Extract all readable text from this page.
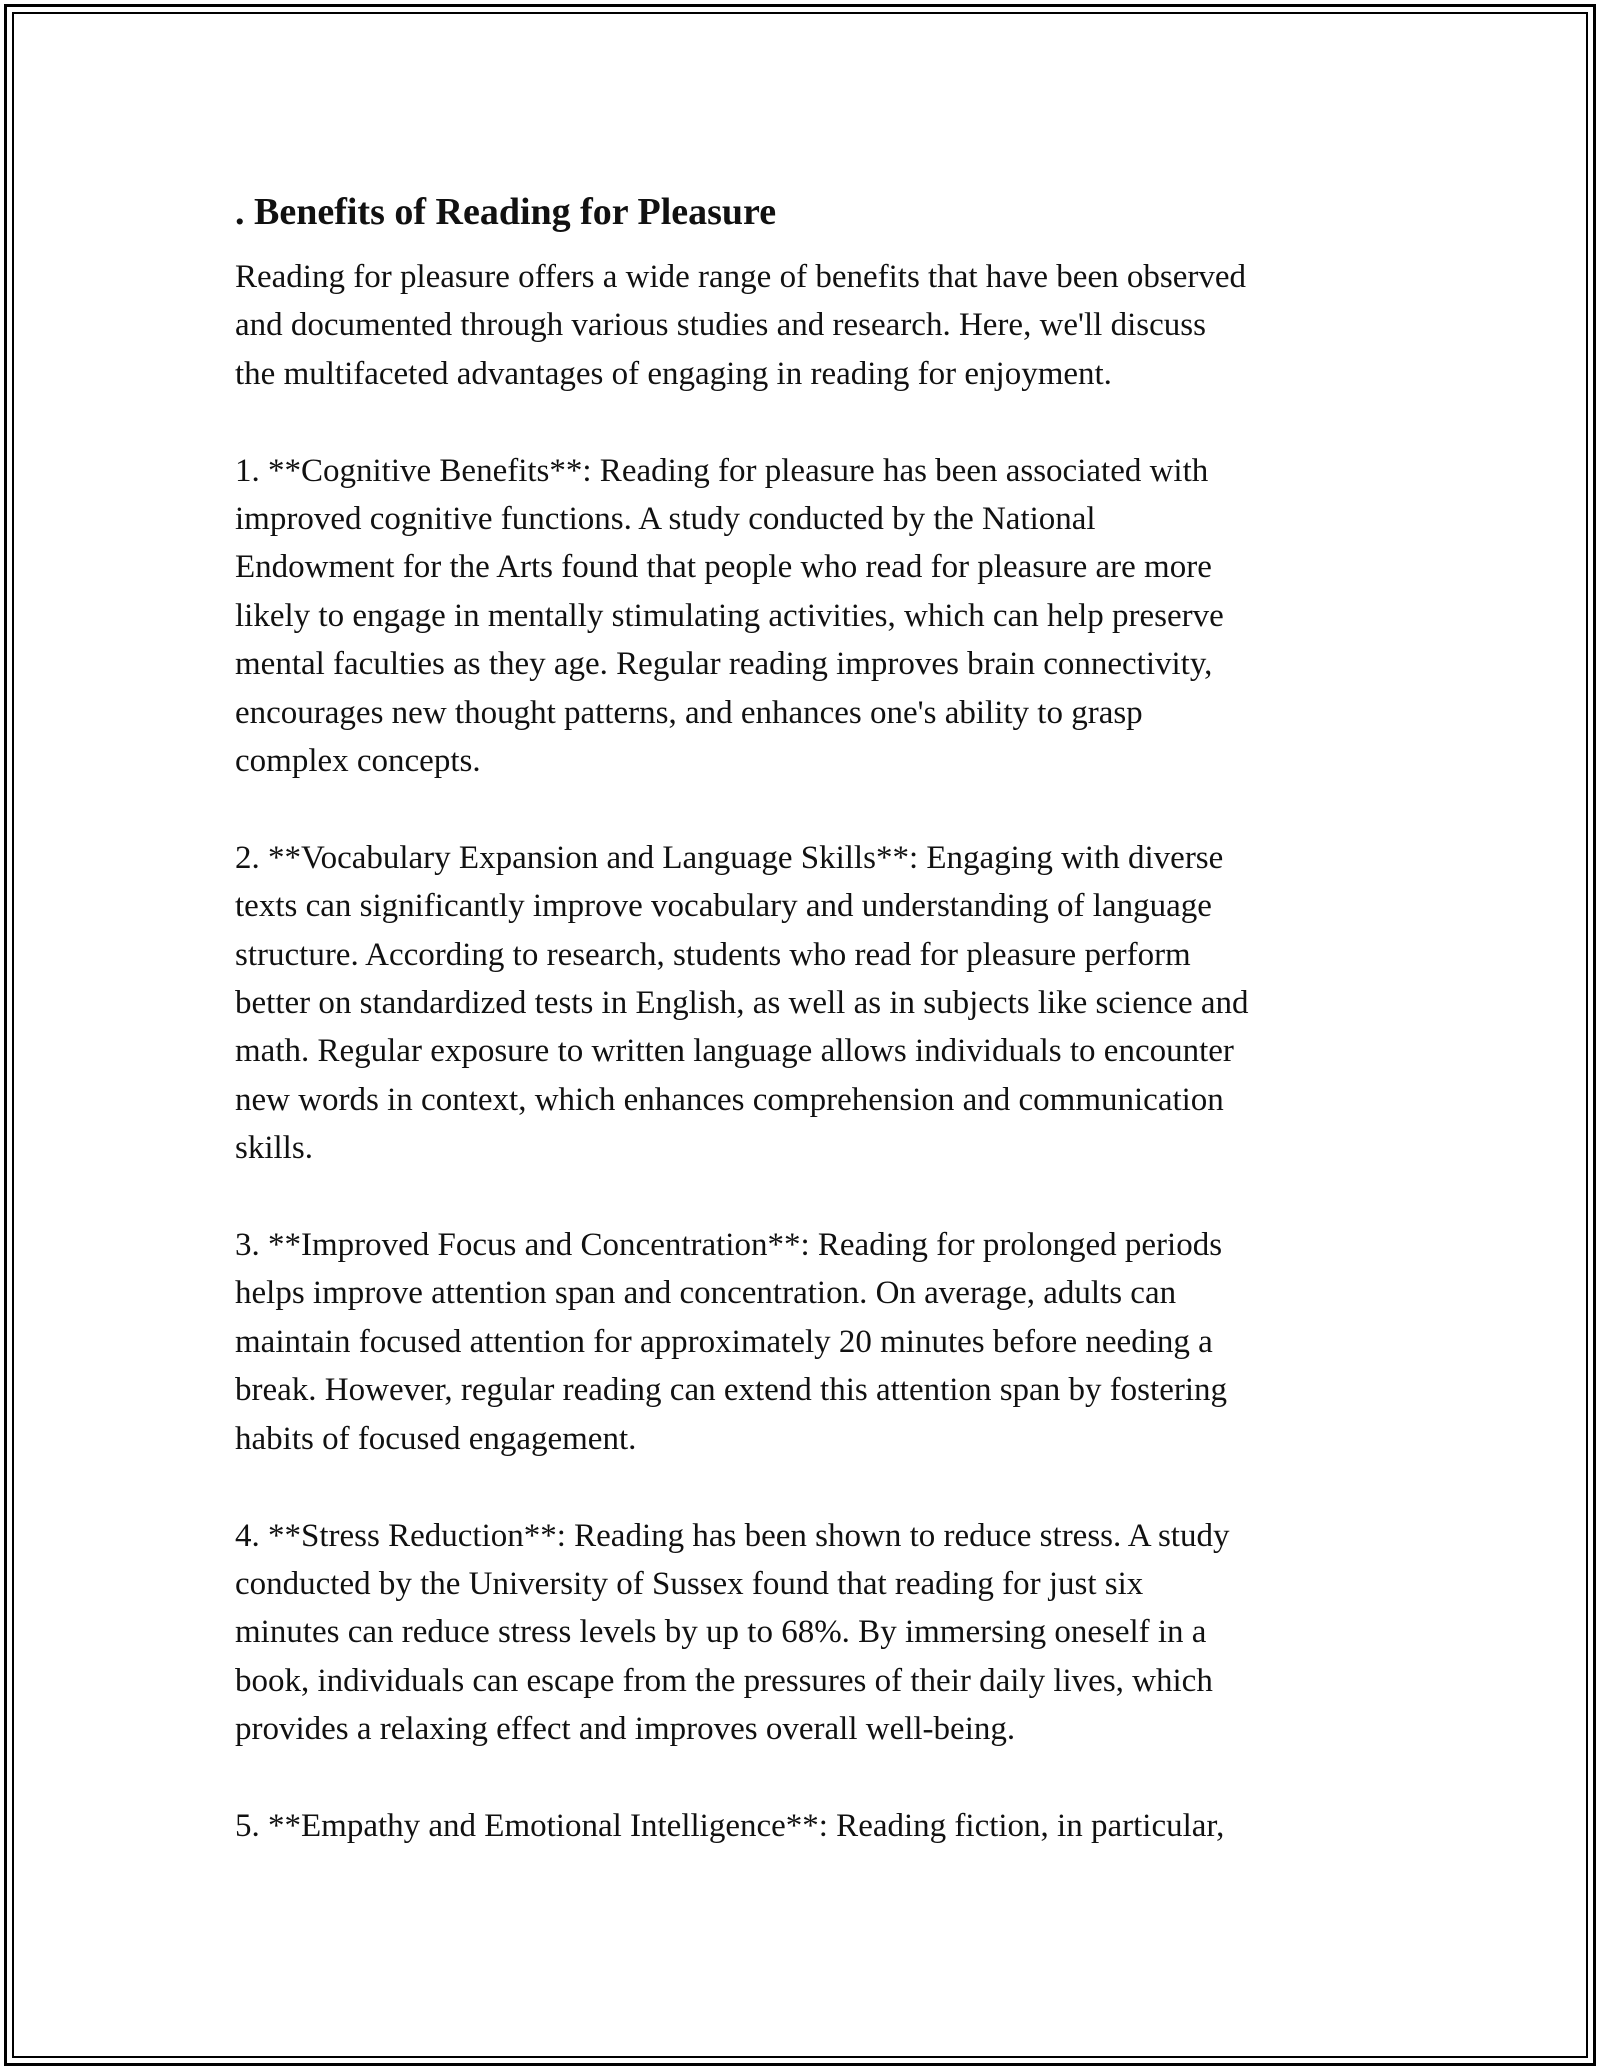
. Benefits of Reading for Pleasure

Reading for pleasure offers a wide range of benefits that have been observed
and documented through various studies and research. Here, we'll discuss
the multifaceted advantages of engaging in reading for enjoyment.

1. **Cognitive Benefits**: Reading for pleasure has been associated with
improved cognitive functions. A study conducted by the National
Endowment for the Arts found that people who read for pleasure are more
likely to engage in mentally stimulating activities, which can help preserve
mental faculties as they age. Regular reading improves brain connectivity,
encourages new thought patterns, and enhances one's ability to grasp
complex concepts.

2. **Vocabulary Expansion and Language Skills**: Engaging with diverse
texts can significantly improve vocabulary and understanding of language
structure. According to research, students who read for pleasure perform
better on standardized tests in English, as well as in subjects like science and
math. Regular exposure to written language allows individuals to encounter
new words in context, which enhances comprehension and communication
skills.

3. **Improved Focus and Concentration**: Reading for prolonged periods
helps improve attention span and concentration. On average, adults can
maintain focused attention for approximately 20 minutes before needing a
break. However, regular reading can extend this attention span by fostering
habits of focused engagement.

4. **Stress Reduction**: Reading has been shown to reduce stress. A study
conducted by the University of Sussex found that reading for just six
minutes can reduce stress levels by up to 68%. By immersing oneself in a
book, individuals can escape from the pressures of their daily lives, which
provides a relaxing effect and improves overall well-being.

5. **Empathy and Emotional Intelligence**: Reading fiction, in particular,
